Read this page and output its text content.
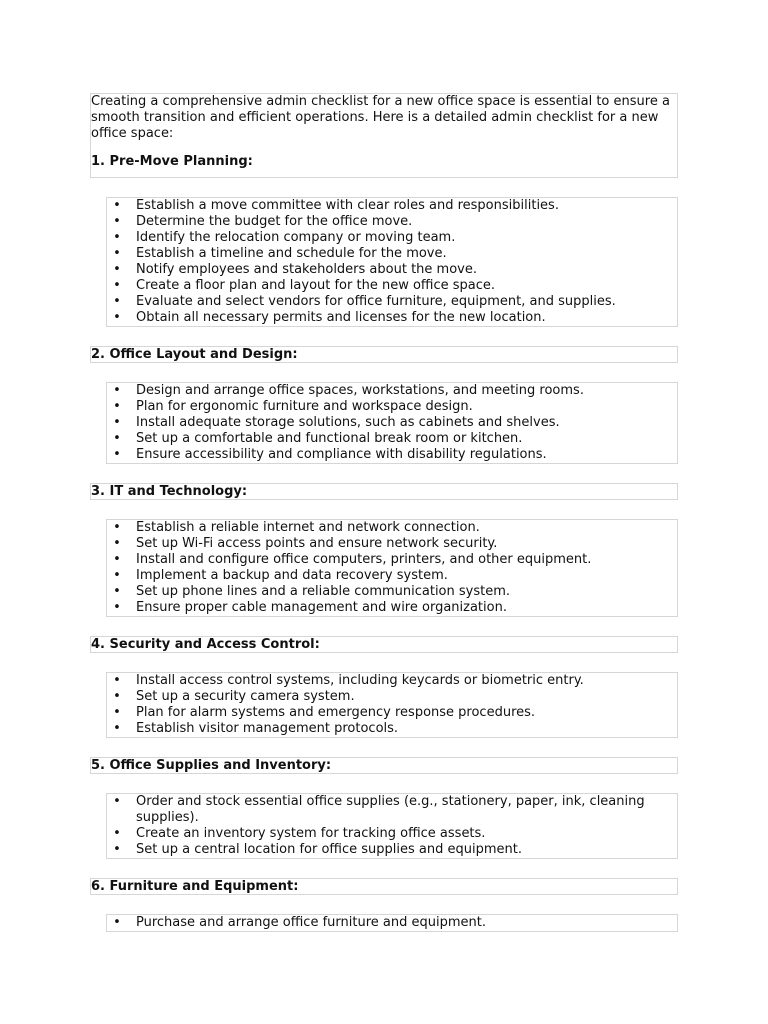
Creating a comprehensive admin checklist for a new office space is essential to ensure a smooth transition and efficient operations. Here is a detailed admin checklist for a new office space:

1. Pre-Move Planning:
• Establish a move committee with clear roles and responsibilities.
• Determine the budget for the office move.
• Identify the relocation company or moving team.
• Establish a timeline and schedule for the move.
• Notify employees and stakeholders about the move.
• Create a floor plan and layout for the new office space.
• Evaluate and select vendors for office furniture, equipment, and supplies.
• Obtain all necessary permits and licenses for the new location.
2. Office Layout and Design:
• Design and arrange office spaces, workstations, and meeting rooms.
• Plan for ergonomic furniture and workspace design.
• Install adequate storage solutions, such as cabinets and shelves.
• Set up a comfortable and functional break room or kitchen.
• Ensure accessibility and compliance with disability regulations.
3. IT and Technology:
• Establish a reliable internet and network connection.
• Set up Wi-Fi access points and ensure network security.
• Install and configure office computers, printers, and other equipment.
• Implement a backup and data recovery system.
• Set up phone lines and a reliable communication system.
• Ensure proper cable management and wire organization.
4. Security and Access Control:
• Install access control systems, including keycards or biometric entry.
• Set up a security camera system.
• Plan for alarm systems and emergency response procedures.
• Establish visitor management protocols.
5. Office Supplies and Inventory:
• Order and stock essential office supplies (e.g., stationery, paper, ink, cleaning supplies).
• Create an inventory system for tracking office assets.
• Set up a central location for office supplies and equipment.
6. Furniture and Equipment:
• Purchase and arrange office furniture and equipment.
